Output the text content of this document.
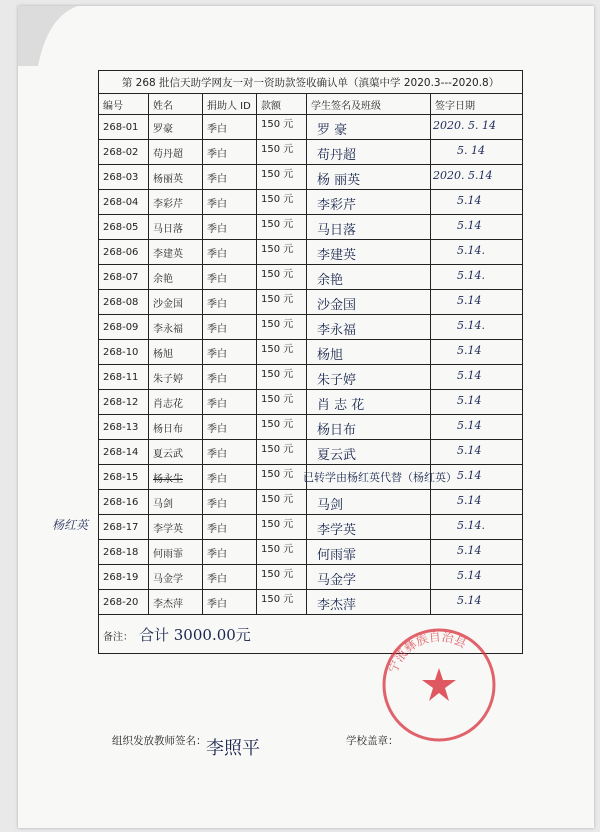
第 268 批信天助学网友一对一资助款签收确认单（滇蕖中学 2020.3---2020.8）					
编号	姓名	捐助人 ID	款额	学生签名及班级	签字日期
268-01	罗豪	季白	150 元	罗 豪	2020. 5. 14

268-02	苟丹超	季白	150 元	苟丹超	5. 14

268-03	杨丽英	季白	150 元	杨 丽英	2020. 5.14

268-04	李彩芹	季白	150 元	李彩芹	5.14

268-05	马日落	季白	150 元	马日落	5.14

268-06	李建英	季白	150 元	李建英	5.14.

268-07	余艳	季白	150 元	余艳	5.14.

268-08	沙金国	季白	150 元	沙金国	5.14

268-09	李永福	季白	150 元	李永福	5.14.

268-10	杨旭	季白	150 元	杨旭	5.14

268-11	朱子婷	季白	150 元	朱子婷	5.14

268-12	肖志花	季白	150 元	肖 志 花	5.14

268-13	杨日布	季白	150 元	杨日布	5.14

268-14	夏云武	季白	150 元	夏云武	5.14

268-15	杨永生	季白	150 元	已转学由杨红英代替（杨红英）	5.14

268-16	马剑	季白	150 元	马剑	5.14

268-17	李学英	季白	150 元	李学英	5.14.

268-18	何雨霏	季白	150 元	何雨霏	5.14

268-19	马金学	季白	150 元	马金学	5.14

268-20	李杰萍	季白	150 元	李杰萍	5.14

备注： 合计 3000.00元					
杨红英
组织发放教师签名： 李照平	学校盖章：
宁蒗彝族自治县
